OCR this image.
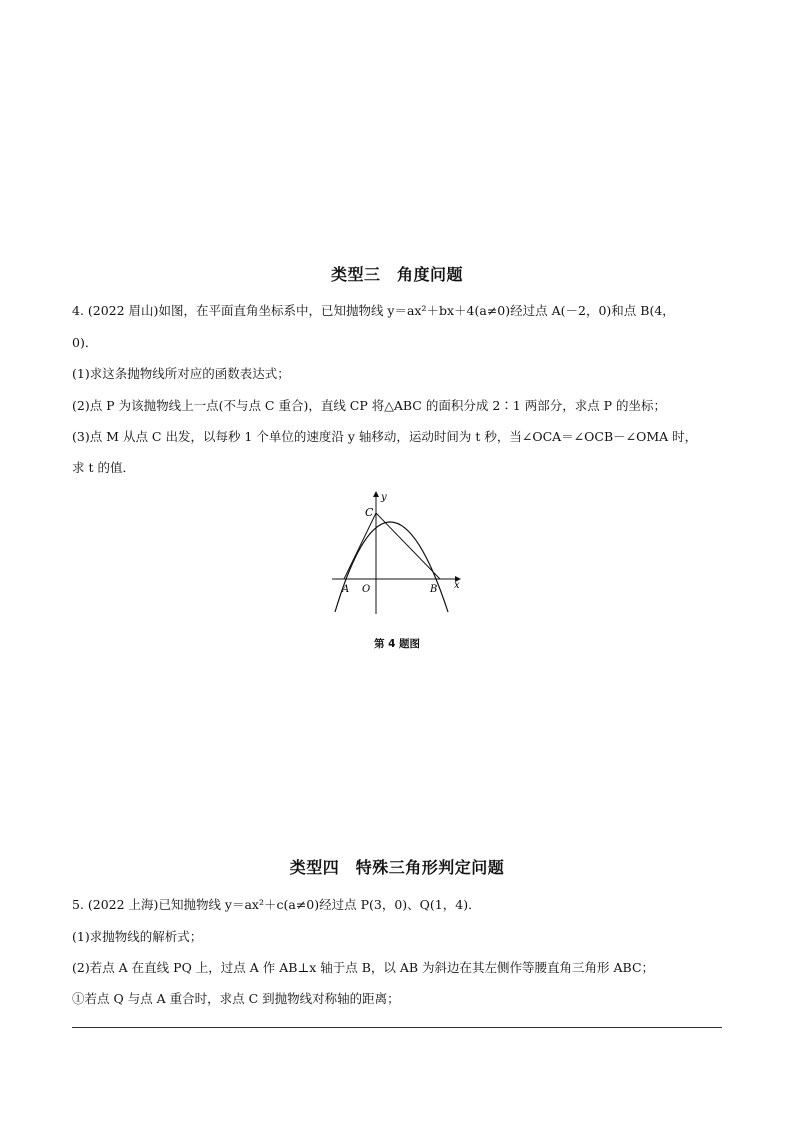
类型三　角度问题
4. (2022 眉山)如图，在平面直角坐标系中，已知抛物线 y＝ax²＋bx＋4(a≠0)经过点 A(－2，0)和点 B(4，
0)．
(1)求这条抛物线所对应的函数表达式；
(2)点 P 为该抛物线上一点(不与点 C 重合)，直线 CP 将△ABC 的面积分成 2∶1 两部分，求点 P 的坐标；
(3)点 M 从点 C 出发，以每秒 1 个单位的速度沿 y 轴移动，运动时间为 t 秒，当∠OCA＝∠OCB－∠OMA 时，
求 t 的值．
y
C
A O	B x
第 4 题图
类型四　特殊三角形判定问题
5. (2022 上海)已知抛物线 y＝ax²＋c(a≠0)经过点 P(3，0)、Q(1，4)．
(1)求抛物线的解析式；
(2)若点 A 在直线 PQ 上，过点 A 作 AB⊥x 轴于点 B，以 AB 为斜边在其左侧作等腰直角三角形 ABC；
①若点 Q 与点 A 重合时，求点 C 到抛物线对称轴的距离；
